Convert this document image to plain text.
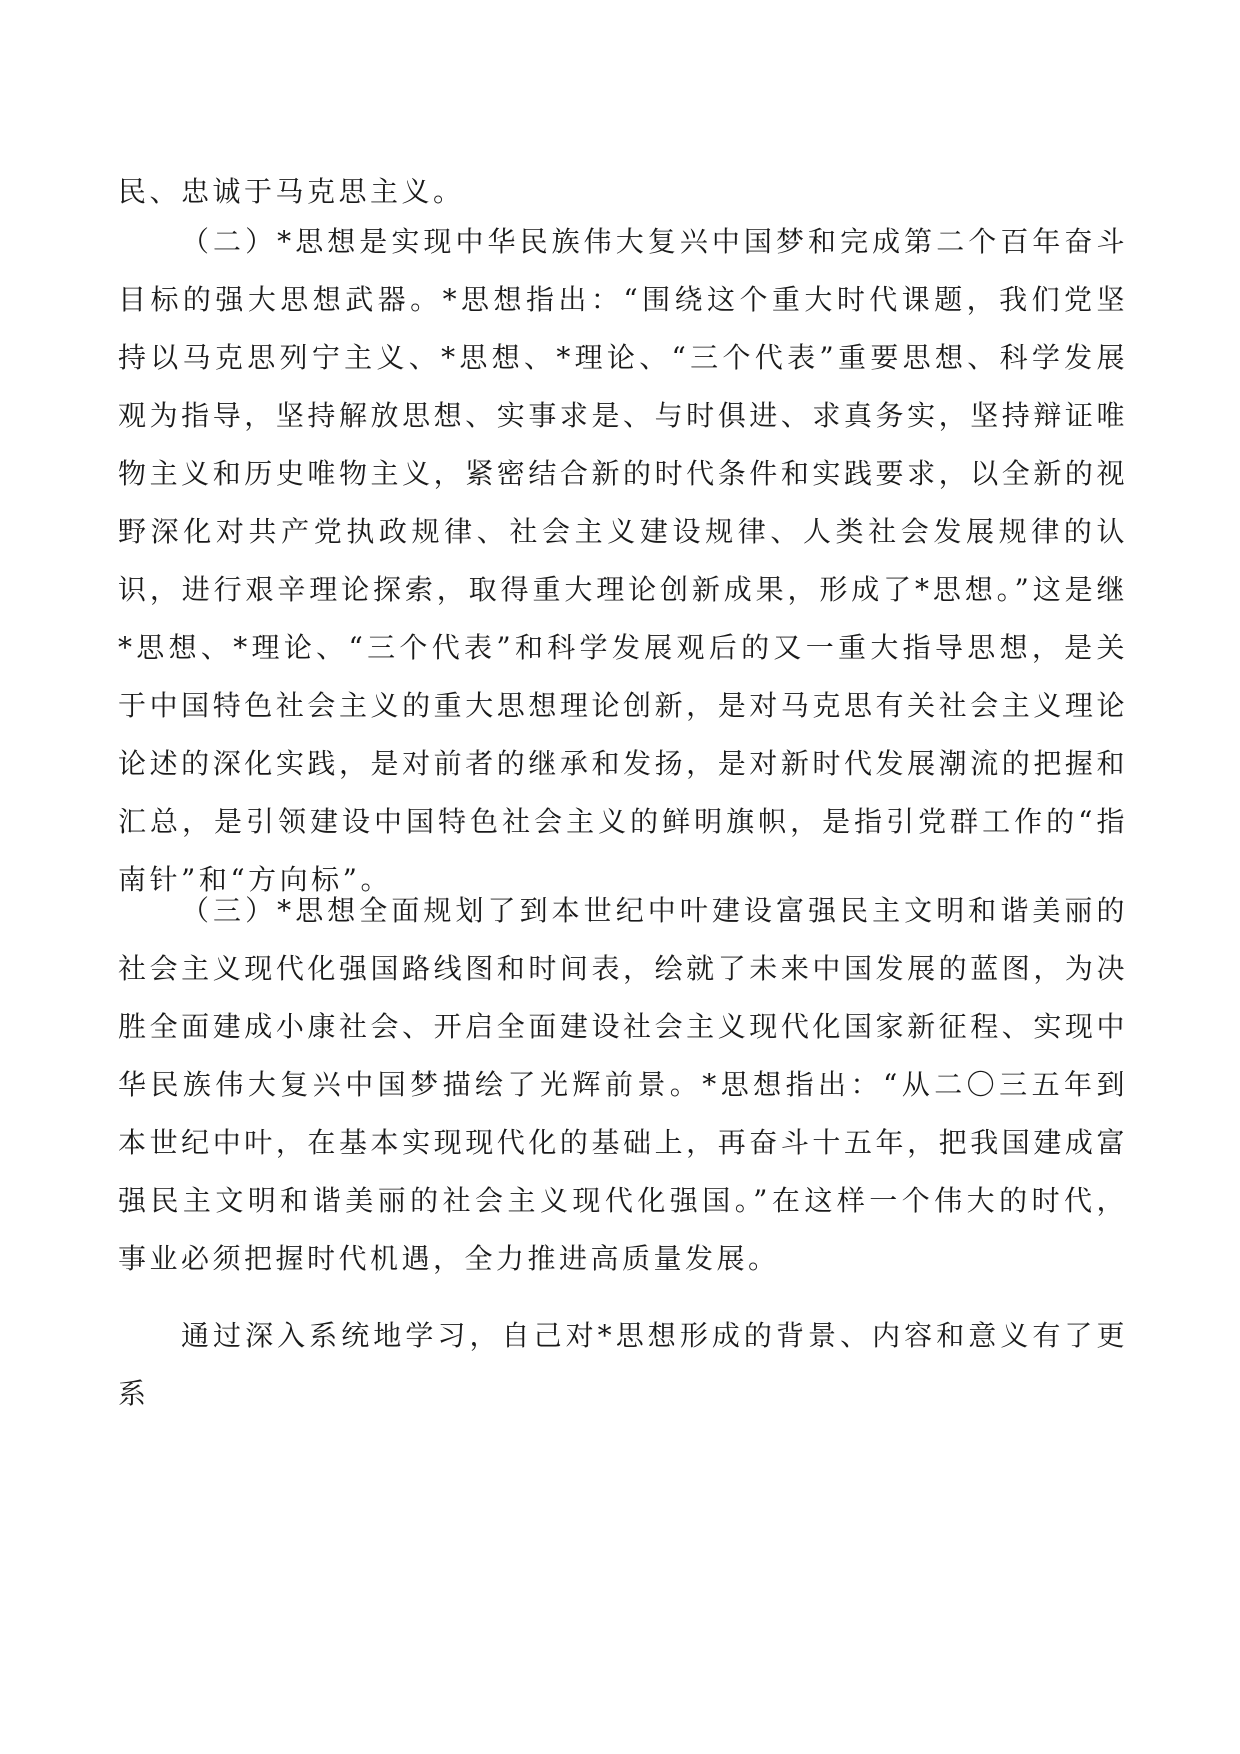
民、忠诚于马克思主义。

（二）*思想是实现中华民族伟大复兴中国梦和完成第二个百年奋斗目标的强大思想武器。*思想指出：“围绕这个重大时代课题，我们党坚持以马克思列宁主义、*思想、*理论、“三个代表”重要思想、科学发展观为指导，坚持解放思想、实事求是、与时俱进、求真务实，坚持辩证唯物主义和历史唯物主义，紧密结合新的时代条件和实践要求，以全新的视野深化对共产党执政规律、社会主义建设规律、人类社会发展规律的认识，进行艰辛理论探索，取得重大理论创新成果，形成了*思想。”这是继*思想、*理论、“三个代表”和科学发展观后的又一重大指导思想，是关于中国特色社会主义的重大思想理论创新，是对马克思有关社会主义理论论述的深化实践，是对前者的继承和发扬，是对新时代发展潮流的把握和汇总，是引领建设中国特色社会主义的鲜明旗帜，是指引党群工作的“指南针”和“方向标”。

（三）*思想全面规划了到本世纪中叶建设富强民主文明和谐美丽的社会主义现代化强国路线图和时间表，绘就了未来中国发展的蓝图，为决胜全面建成小康社会、开启全面建设社会主义现代化国家新征程、实现中华民族伟大复兴中国梦描绘了光辉前景。*思想指出：“从二〇三五年到本世纪中叶，在基本实现现代化的基础上，再奋斗十五年，把我国建成富强民主文明和谐美丽的社会主义现代化强国。”在这样一个伟大的时代，事业必须把握时代机遇，全力推进高质量发展。

通过深入系统地学习，自己对*思想形成的背景、内容和意义有了更系
